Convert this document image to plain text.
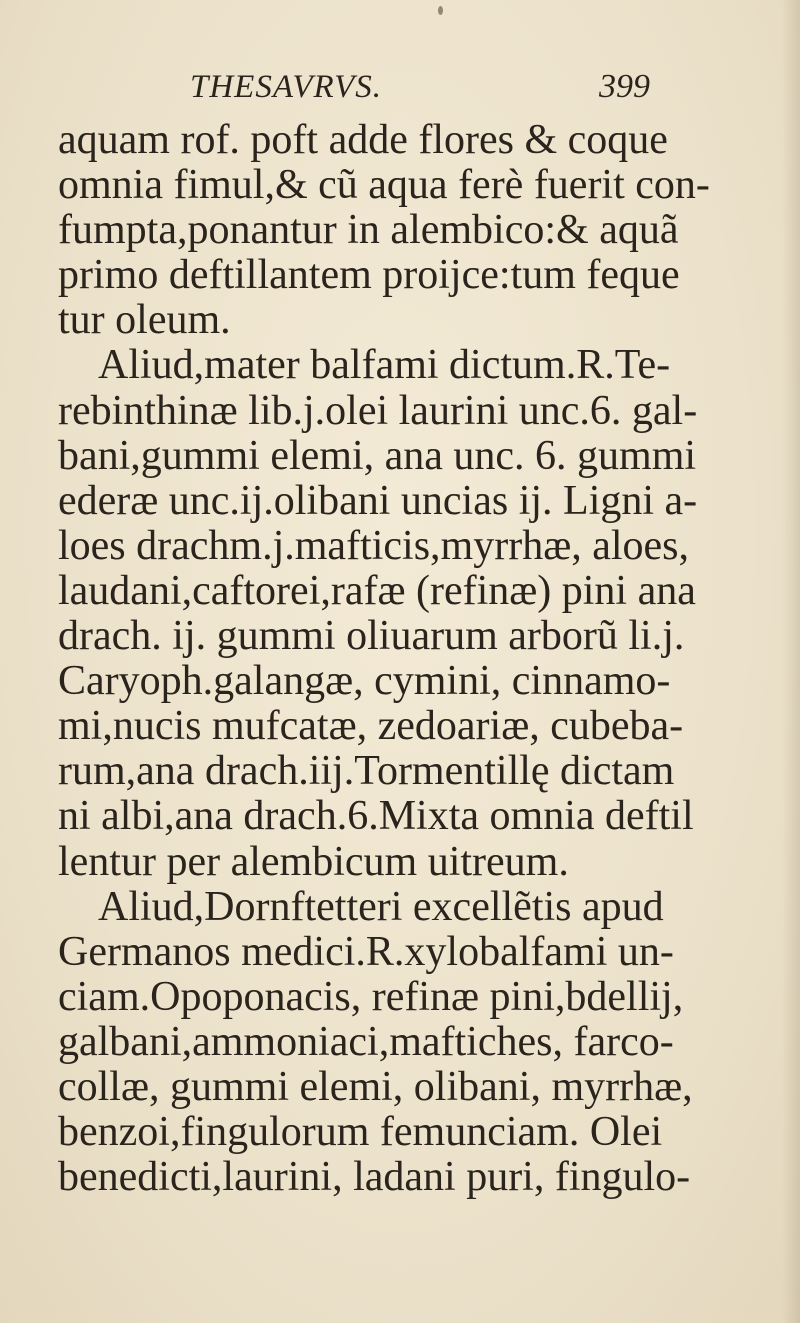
THESAVRVS.	399
aquam rof. poft adde flores & coque
omnia fimul,& cũ aqua ferè fuerit con-
fumpta,ponantur in alembico:& aquã
primo deftillantem proijce:tum feque
tur oleum.
Aliud,mater balfami dictum.R.Te-
rebinthinæ lib.j.olei laurini unc.6. gal-
bani,gummi elemi, ana unc. 6. gummi
ederæ unc.ij.olibani uncias ij. Ligni a-
loes drachm.j.mafticis,myrrhæ, aloes,
laudani,caftorei,rafæ (refinæ) pini ana
drach. ij. gummi oliuarum arborũ li.j.
Caryoph.galangæ, cymini, cinnamo-
mi,nucis mufcatæ, zedoariæ, cubeba-
rum,ana drach.iij.Tormentillę dictam
ni albi,ana drach.6.Mixta omnia deftil
lentur per alembicum uitreum.
Aliud,Dornftetteri excellẽtis apud
Germanos medici.R.xylobalfami un-
ciam.Opoponacis, refinæ pini,bdellij,
galbani,ammoniaci,maftiches, farco-
collæ, gummi elemi, olibani, myrrhæ,
benzoi,fingulorum femunciam. Olei
benedicti,laurini, ladani puri, fingulo-
